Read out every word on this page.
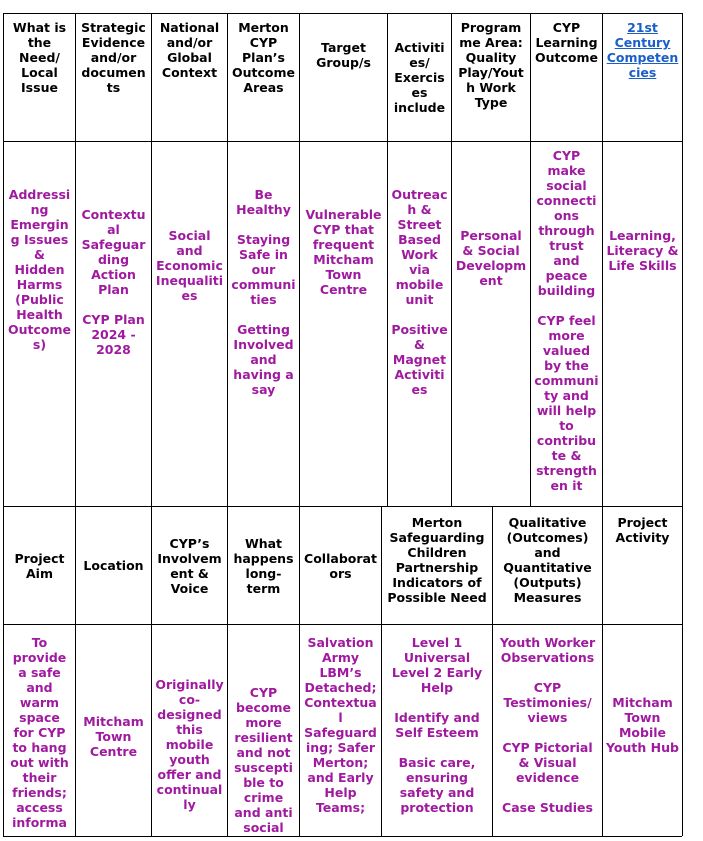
What is the Need/ Local Issue
Strategic Evidence and/or documents
National and/or Global Context
Merton CYP Plan’s Outcome Areas
Target Group/s
Activities/ Exercises include
Programme Area: Quality Play/Youth Work Type
CYP Learning Outcome
21st Century Competencies
Addressing Emerging Issues & Hidden Harms (Public Health Outcomes)
Contextual Safeguarding Action Plan
CYP Plan 2024 - 2028
Social and Economic Inequalities
Be Healthy
Staying Safe in our communities
Getting Involved and having a say
Vulnerable CYP that frequent Mitcham Town Centre
Outreach & Street Based Work via mobile unit
Positive & Magnet Activities
Personal & Social Development
CYP make social connections through trust and peace building
CYP feel more valued by the community and will help to contribute & strengthen it
Learning, Literacy & Life Skills
Project Aim	Location
CYP’s Involvement & Voice
What happens long-term
Collaborators
Merton Safeguarding Children Partnership Indicators of Possible Need
Qualitative (Outcomes) and Quantitative (Outputs) Measures
Project Activity
To provide a safe and warm space for CYP to hang out with their friends; access informa
Mitcham Town Centre
Originally co-designed this mobile youth offer and continually
CYP become more resilient and not susceptible to crime and anti social
Salvation Army LBM’s Detached; Contextual Safeguarding; Safer Merton; and Early Help Teams;
Level 1 Universal Level 2 Early Help
Identify and Self Esteem
Basic care, ensuring safety and protection
Youth Worker Observations
CYP Testimonies/ views
CYP Pictorial & Visual evidence
Case Studies
Mitcham Town Mobile Youth Hub
